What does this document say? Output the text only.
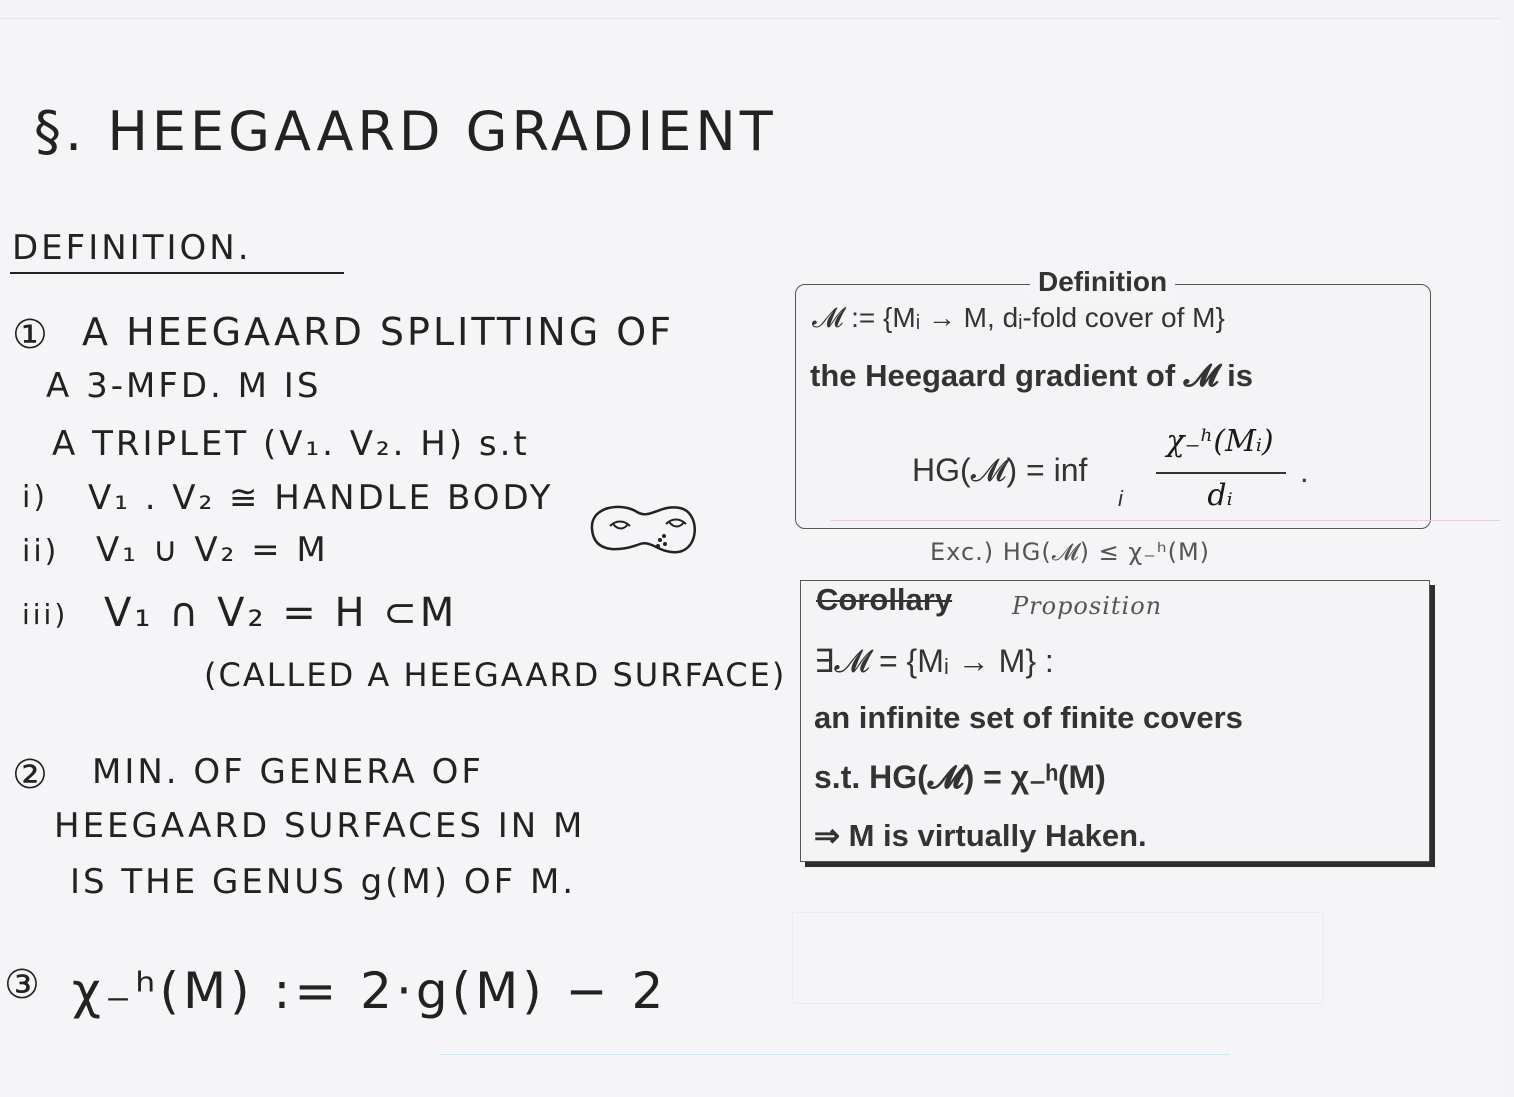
§. HEEGAARD GRADIENT
DEFINITION.
① A HEEGAARD SPLITTING OF
A 3-MFD. M IS
A TRIPLET (V₁. V₂. H) s.t
i) V₁ . V₂ ≅ HANDLE BODY
ii) V₁ ∪ V₂ = M
iii) V₁ ∩ V₂ = H ⊂M
(CALLED A HEEGAARD SURFACE)
② MIN. OF GENERA OF
HEEGAARD SURFACES IN M
IS THE GENUS g(M) OF M.
③ χ₋ʰ(M) := 2·g(M) − 2
Definition
𝓜 := {Mᵢ → M, dᵢ-fold cover of M}
the Heegaard gradient of 𝓜 is
HG(𝓜) = inf
i
χ₋ʰ(Mᵢ)
dᵢ
.
Exc.) HG(𝓜) ≤ χ₋ʰ(M)
Corollary Proposition
∃𝓜 = {Mᵢ → M} :
an infinite set of finite covers
s.t. HG(𝓜) = χ₋ʰ(M)
⇒ M is virtually Haken.
